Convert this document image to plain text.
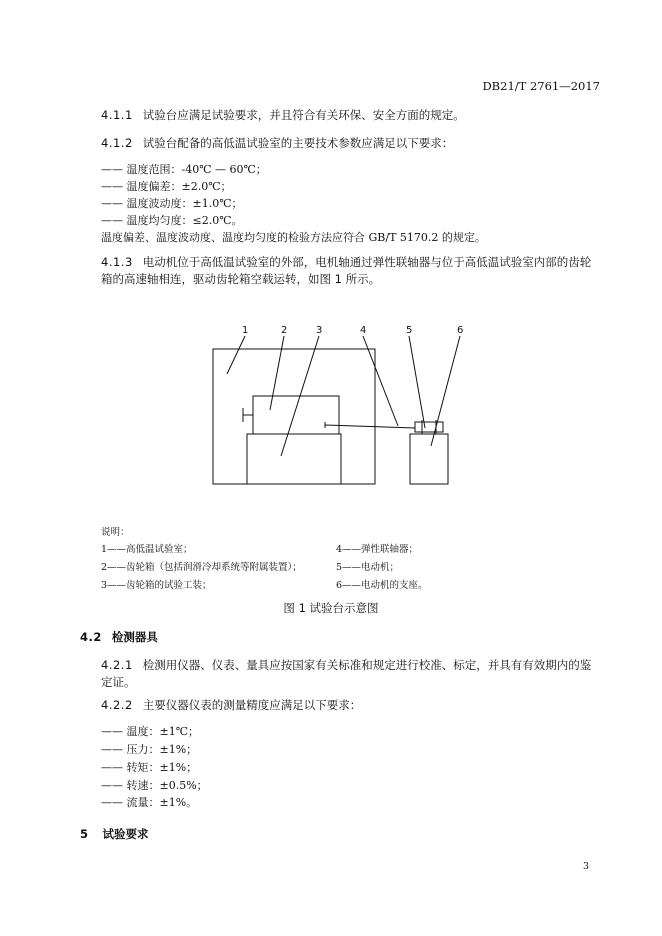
DB21/T 2761—2017
4.1.1 试验台应满足试验要求，并且符合有关环保、安全方面的规定。
4.1.2 试验台配备的高低温试验室的主要技术参数应满足以下要求：
—— 温度范围：-40℃ — 60℃；
—— 温度偏差：±2.0℃；
—— 温度波动度：±1.0℃；
—— 温度均匀度：≤2.0℃。
温度偏差、温度波动度、温度均匀度的检验方法应符合 GB/T 5170.2 的规定。
4.1.3 电动机位于高低温试验室的外部，电机轴通过弹性联轴器与位于高低温试验室内部的齿轮
箱的高速轴相连，驱动齿轮箱空载运转，如图 1 所示。
1	2	3	4	5	6
说明：
1——高低温试验室；
2——齿轮箱（包括润滑冷却系统等附属装置）；
3——齿轮箱的试验工装；
4——弹性联轴器；
5——电动机；
6——电动机的支座。
图 1 试验台示意图
4.2 检测器具
4.2.1 检测用仪器、仪表、量具应按国家有关标准和规定进行校准、标定，并具有有效期内的鉴
定证。
4.2.2 主要仪器仪表的测量精度应满足以下要求：
—— 温度：±1℃；
—— 压力：±1%；
—— 转矩：±1%；
—— 转速：±0.5%；
—— 流量：±1%。
5 试验要求
3
